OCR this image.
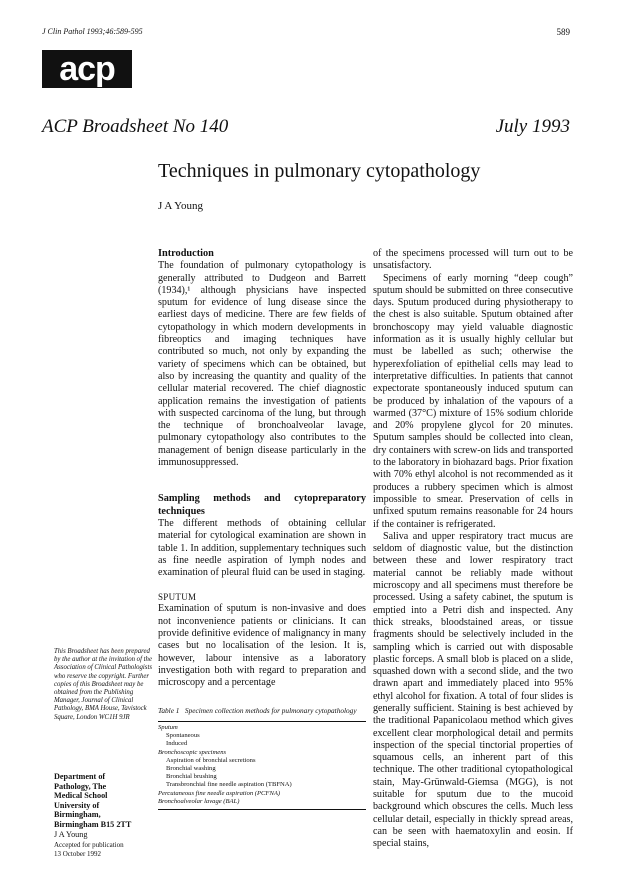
J Clin Pathol 1993;46:589-595	589
acp
ACP Broadsheet No 140	July 1993
Techniques in pulmonary cytopathology
J A Young
Introduction

The foundation of pulmonary cytopathology is generally attributed to Dudgeon and Barrett (1934),¹ although physicians have inspected sputum for evidence of lung disease since the earliest days of medicine. There are few fields of cytopathology in which modern developments in fibreoptics and imaging techniques have contributed so much, not only by expanding the variety of specimens which can be obtained, but also by increasing the quantity and quality of the cellular material recovered. The chief diagnostic application remains the investigation of patients with suspected carcinoma of the lung, but through the technique of bronchoalveolar lavage, pulmonary cytopathology also contributes to the management of benign disease particularly in the immunosuppressed.

Sampling methods and cytopreparatory techniques

The different methods of obtaining cellular material for cytological examination are shown in table 1. In addition, supplementary techniques such as fine needle aspiration of lymph nodes and examination of pleural fluid can be used in staging.

SPUTUM

Examination of sputum is non-invasive and does not inconvenience patients or clinicians. It can provide definitive evidence of malignancy in many cases but no localisation of the lesion. It is, however, labour intensive as a laboratory investigation both with regard to preparation and microscopy and a percentage

of the specimens processed will turn out to be unsatisfactory.

Specimens of early morning “deep cough” sputum should be submitted on three consecutive days. Sputum produced during physiotherapy to the chest is also suitable. Sputum obtained after bronchoscopy may yield valuable diagnostic information as it is usually highly cellular but must be labelled as such; otherwise the hyperexfoliation of epithelial cells may lead to interpretative difficulties. In patients that cannot expectorate spontaneously induced sputum can be produced by inhalation of the vapours of a warmed (37°C) mixture of 15% sodium chloride and 20% propylene glycol for 20 minutes. Sputum samples should be collected into clean, dry containers with screw-on lids and transported to the laboratory in biohazard bags. Prior fixation with 70% ethyl alcohol is not recommended as it produces a rubbery specimen which is almost impossible to smear. Preservation of cells in unfixed sputum remains reasonable for 24 hours if the container is refrigerated.

Saliva and upper respiratory tract mucus are seldom of diagnostic value, but the distinction between these and lower respiratory tract material cannot be reliably made without microscopy and all specimens must therefore be processed. Using a safety cabinet, the sputum is emptied into a Petri dish and inspected. Any thick streaks, bloodstained areas, or tissue fragments should be selectively included in the sampling which is carried out with disposable plastic forceps. A small blob is placed on a slide, squashed down with a second slide, and the two drawn apart and immediately placed into 95% ethyl alcohol for fixation. A total of four slides is generally sufficient. Staining is best achieved by the traditional Papanicolaou method which gives excellent clear morphological detail and permits inspection of the special tinctorial properties of squamous cells, an inherent part of this technique. The other traditional cytopathological stain, May-Grünwald-Giemsa (MGG), is not suitable for sputum due to the mucoid background which obscures the cells. Much less cellular detail, especially in thickly spread areas, can be seen with haematoxylin and eosin. If special stains,

This Broadsheet has been prepared by the author at the invitation of the Association of Clinical Pathologists who reserve the copyright. Further copies of this Broadsheet may be obtained from the Publishing Manager, Journal of Clinical Pathology, BMA House, Tavistock Square, London WC1H 9JR
Department of
Pathology, The
Medical School
University of
Birmingham,
Birmingham B15 2TT
J A Young
Accepted for publication
13 October 1992
Table 1 Specimen collection methods for pulmonary cytopathology
Sputum
Spontaneous
Induced
Bronchoscopic specimens
Aspiration of bronchial secretions
Bronchial washing
Bronchial brushing
Transbronchial fine needle aspiration (TBFNA)
Percutaneous fine needle aspiration (PCFNA)
Bronchoalveolar lavage (BAL)
